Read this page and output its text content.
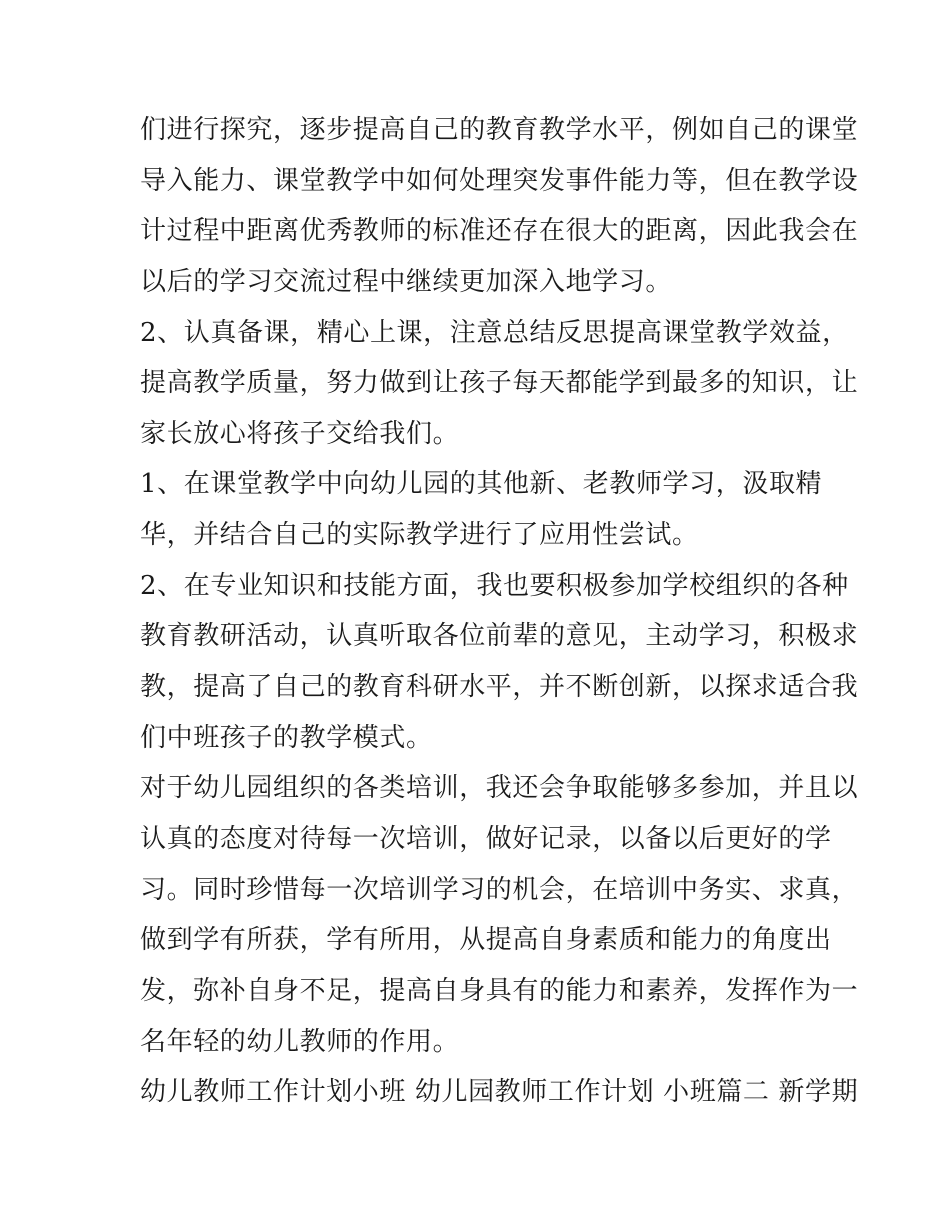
们进行探究，逐步提高自己的教育教学水平，例如自己的课堂
导入能力、课堂教学中如何处理突发事件能力等，但在教学设
计过程中距离优秀教师的标准还存在很大的距离，因此我会在
以后的学习交流过程中继续更加深入地学习。
2、认真备课，精心上课，注意总结反思提高课堂教学效益，
提高教学质量，努力做到让孩子每天都能学到最多的知识，让
家长放心将孩子交给我们。
1、在课堂教学中向幼儿园的其他新、老教师学习，汲取精
华，并结合自己的实际教学进行了应用性尝试。
2、在专业知识和技能方面，我也要积极参加学校组织的各种
教育教研活动，认真听取各位前辈的意见，主动学习，积极求
教，提高了自己的教育科研水平，并不断创新，以探求适合我
们中班孩子的教学模式。
对于幼儿园组织的各类培训，我还会争取能够多参加，并且以
认真的态度对待每一次培训，做好记录，以备以后更好的学
习。同时珍惜每一次培训学习的机会，在培训中务实、求真，
做到学有所获，学有所用，从提高自身素质和能力的角度出
发，弥补自身不足，提高自身具有的能力和素养，发挥作为一
名年轻的幼儿教师的作用。
幼儿教师工作计划小班 幼儿园教师工作计划 小班篇二 新学期
